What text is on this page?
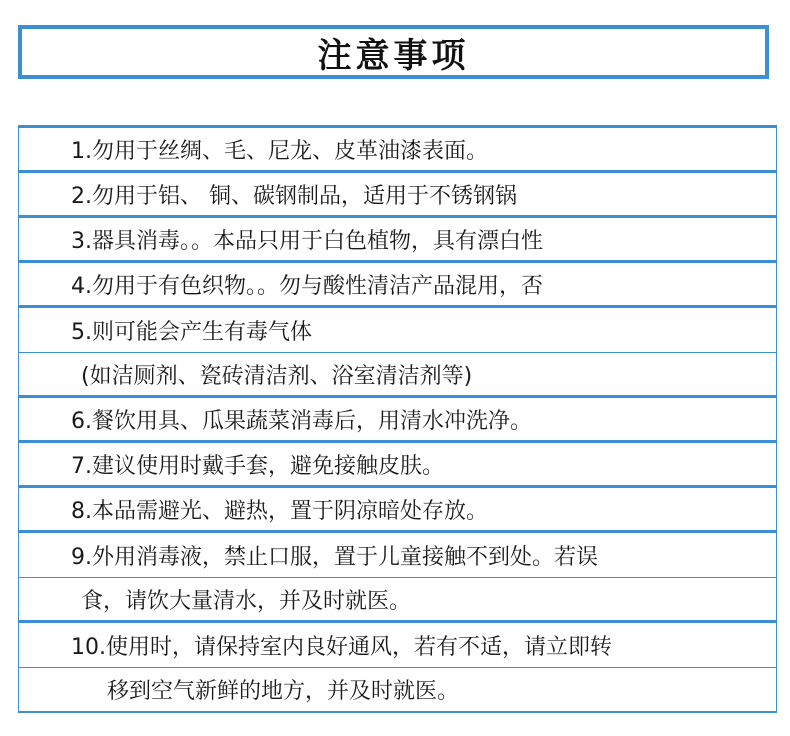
注意事项
1.勿用于丝绸、毛、尼龙、皮革油漆表面。
2.勿用于铝、 铜、碳钢制品，适用于不锈钢锅
3.器具消毒。。本品只用于白色植物，具有漂白性
4.勿用于有色织物。。勿与酸性清洁产品混用，否
5.则可能会产生有毒气体
(如洁厕剂、瓷砖清洁剂、浴室清洁剂等)
6.餐饮用具、瓜果蔬菜消毒后，用清水冲洗净。
7.建议使用时戴手套，避免接触皮肤。
8.本品需避光、避热，置于阴凉暗处存放。
9.外用消毒液，禁止口服，置于儿童接触不到处。若误
食，请饮大量清水，并及时就医。
10.使用时，请保持室内良好通风，若有不适，请立即转
移到空气新鲜的地方，并及时就医。
